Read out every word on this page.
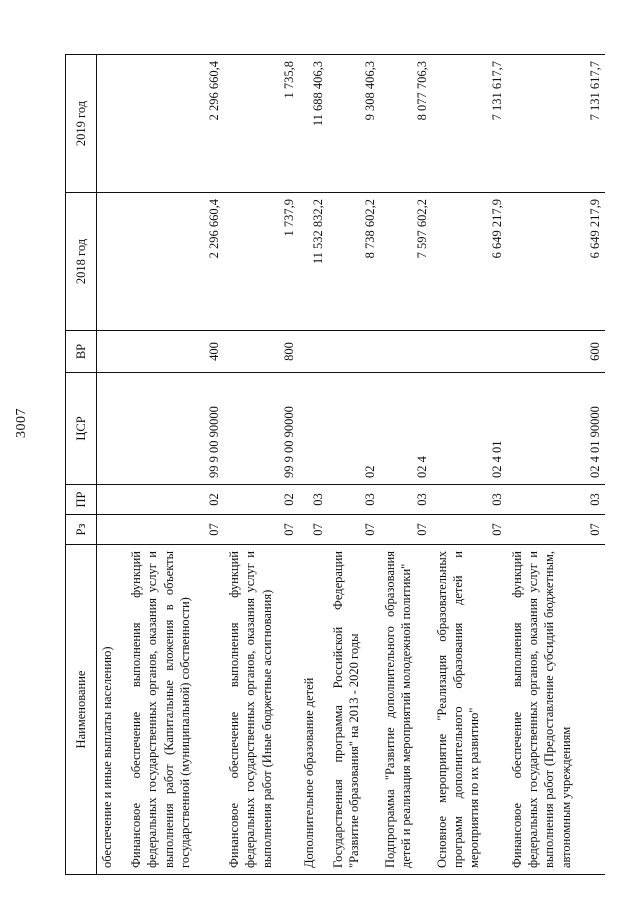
3007
Наименование	Рз	ПР	ЦСР	ВР	2018 год	2019 год
обеспечение и иные выплаты населению)						
Финансовое обеспечение выполнения функций федеральных государственных органов, оказания услуг и выполнения работ (Капитальные вложения в объекты государственной (муниципальной) собственности)	07	02	99 9 00 90000	400	2 296 660,4	2 296 660,4
Финансовое обеспечение выполнения функций федеральных государственных органов, оказания услуг и выполнения работ (Иные бюджетные ассигнования)	07	02	99 9 00 90000	800	1 737,9	1 735,8
Дополнительное образование детей	07	03			11 532 832,2	11 688 406,3
Государственная программа Российской Федерации "Развитие образования" на 2013 - 2020 годы	07	03	02		8 738 602,2	9 308 406,3
Подпрограмма "Развитие дополнительного образования детей и реализация мероприятий молодежной политики"	07	03	02 4		7 597 602,2	8 077 706,3
Основное мероприятие "Реализация образовательных программ дополнительного образования детей и мероприятия по их развитию"	07	03	02 4 01		6 649 217,9	7 131 617,7
Финансовое обеспечение выполнения функций федеральных государственных органов, оказания услуг и выполнения работ (Предоставление субсидий бюджетным, автономным учреждениям	07	03	02 4 01 90000	600	6 649 217,9	7 131 617,7
